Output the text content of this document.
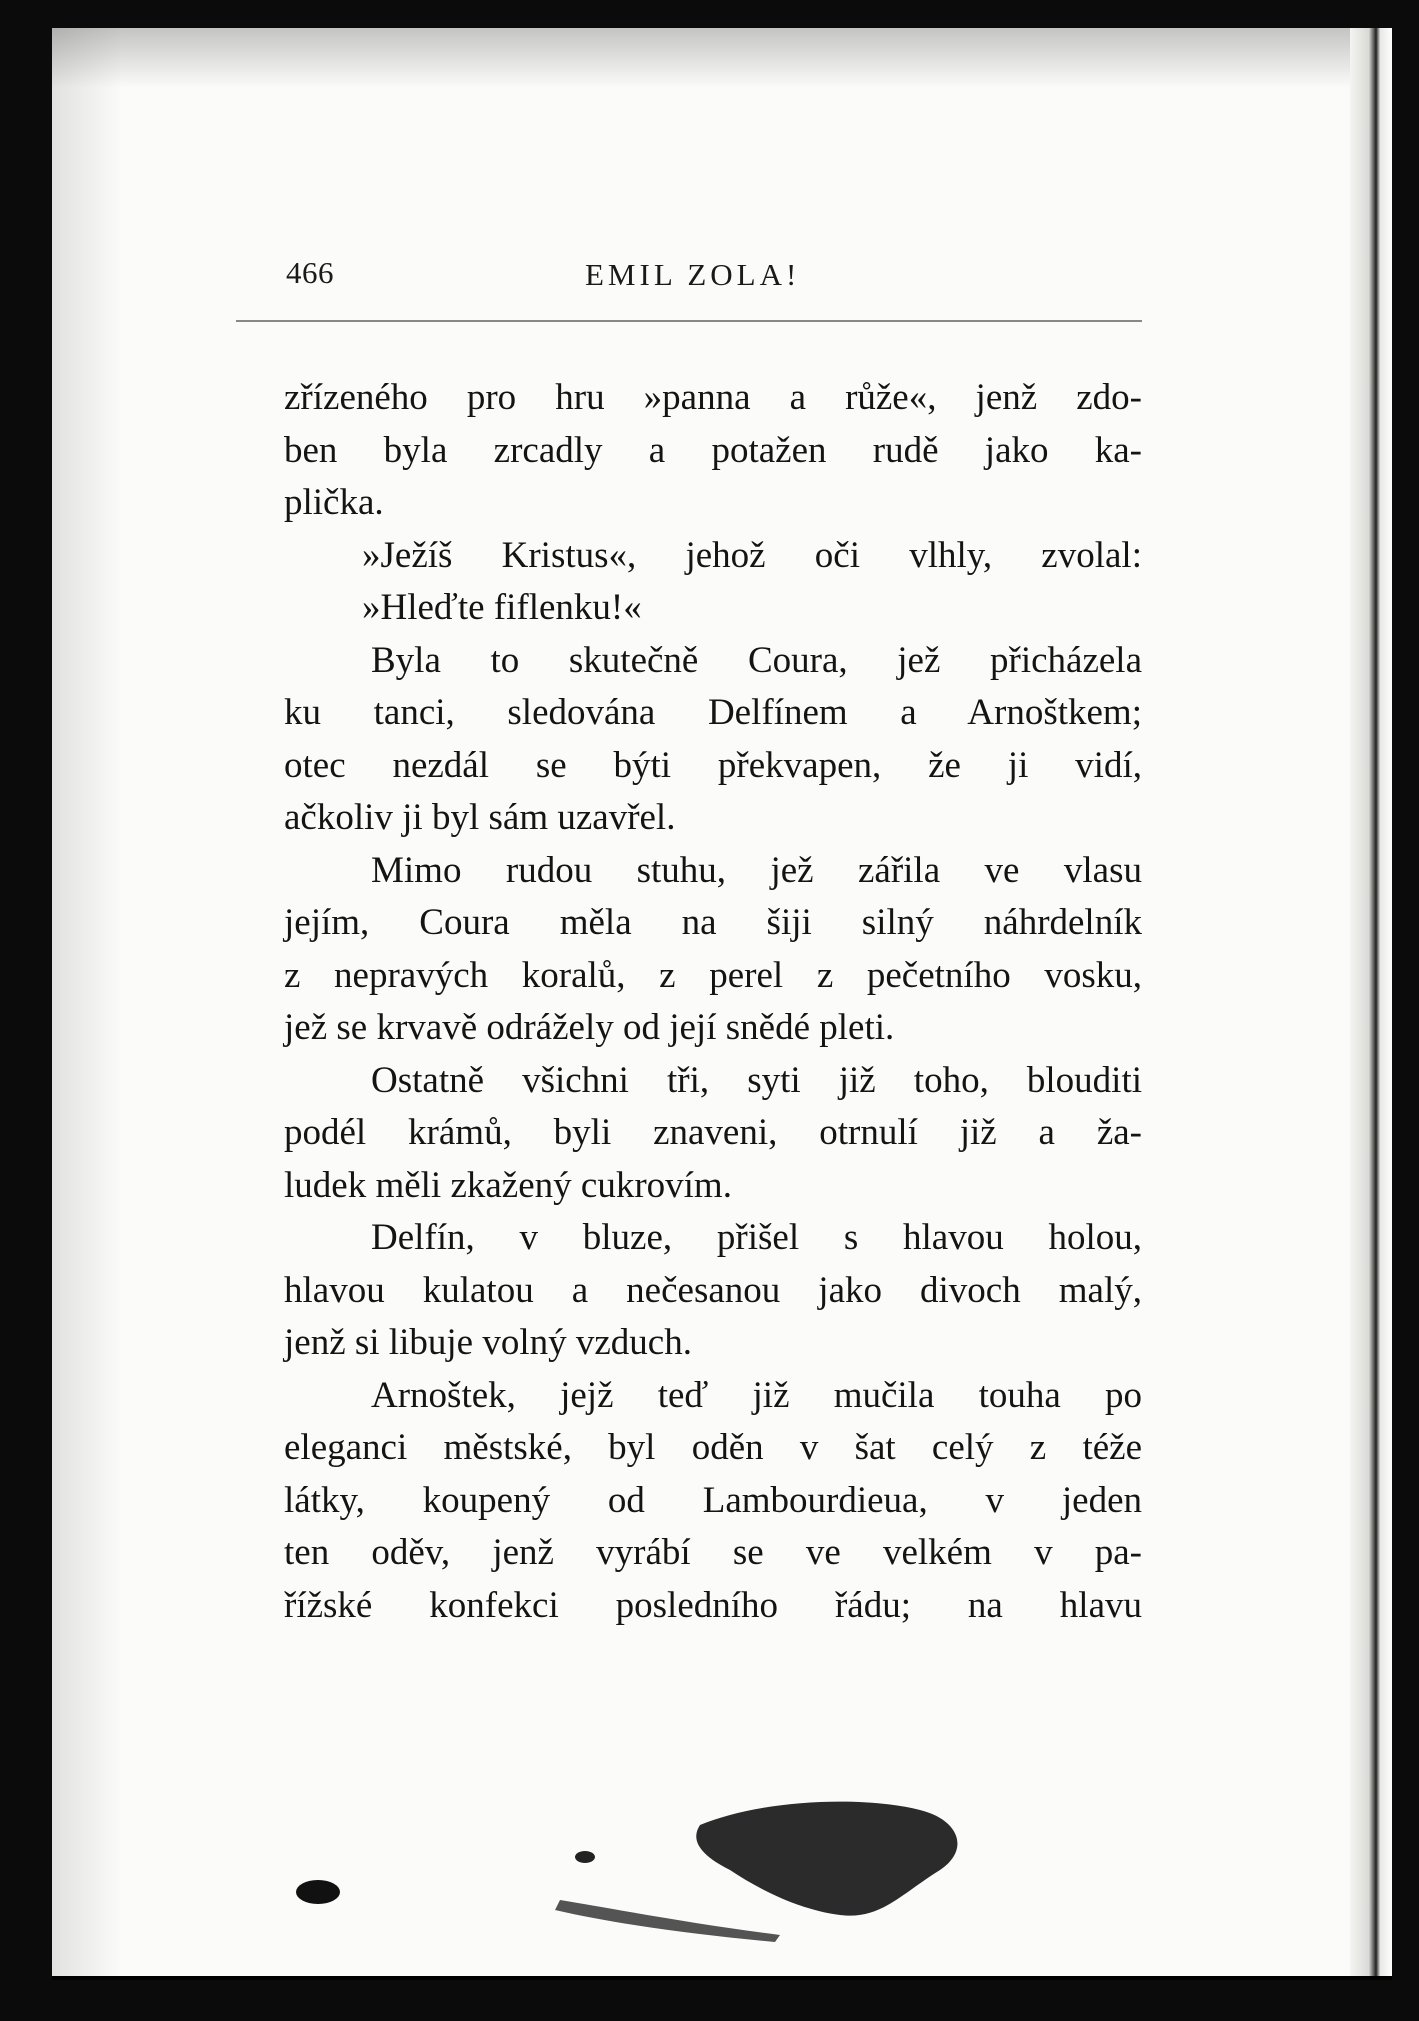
466	EMIL ZOLA!
zřízeného pro hru »panna a růže«, jenž zdo-
ben byla zrcadly a potažen rudě jako ka-
plička.
»Ježíš Kristus«, jehož oči vlhly, zvolal:
»Hleďte fiflenku!«
Byla to skutečně Coura, jež přicházela
ku tanci, sledována Delfínem a Arnoštkem;
otec nezdál se býti překvapen, že ji vidí,
ačkoliv ji byl sám uzavřel.
Mimo rudou stuhu, jež zářila ve vlasu
jejím, Coura měla na šiji silný náhrdelník
z nepravých koralů, z perel z pečetního vosku,
jež se krvavě odrážely od její snědé pleti.
Ostatně všichni tři, syti již toho, blouditi
podél krámů, byli znaveni, otrnulí již a ža-
ludek měli zkažený cukrovím.
Delfín, v bluze, přišel s hlavou holou,
hlavou kulatou a nečesanou jako divoch malý,
jenž si libuje volný vzduch.
Arnoštek, jejž teď již mučila touha po
eleganci městské, byl oděn v šat celý z téže
látky, koupený od Lambourdieua, v jeden
ten oděv, jenž vyrábí se ve velkém v pa-
řížské konfekci posledního řádu; na hlavu
